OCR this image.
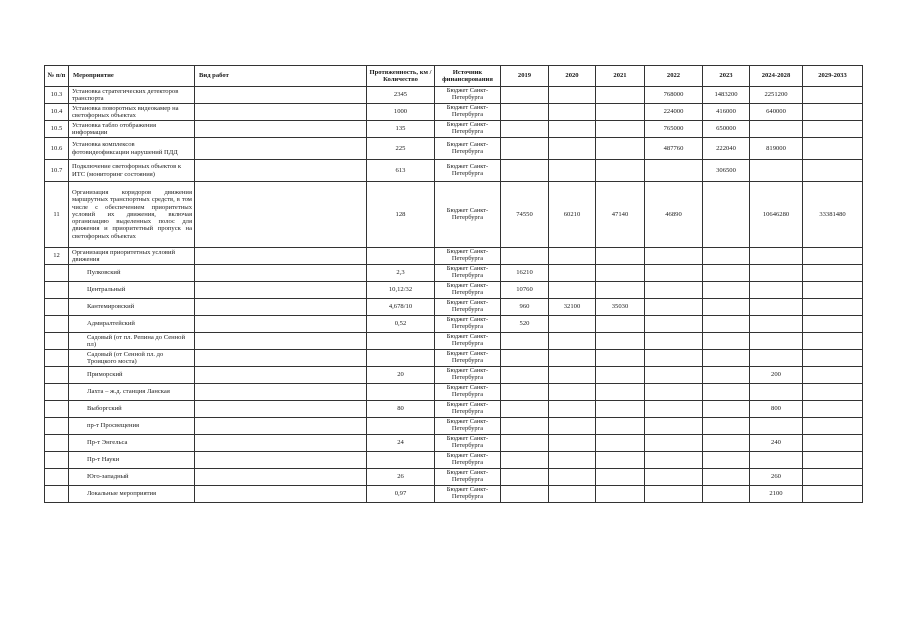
№ п/п	Мероприятие	Вид работ	Протяженность, км / Количество	Источник финансирования	2019	2020	2021	2022	2023	2024-2028	2029-2033
10.3	Установка стратегических детекторов транспорта		2345	Бюджет Санкт-Петербурга				768000	1483200	2251200	
10.4	Установка поворотных видеокамер на светофорных объектах		1000	Бюджет Санкт-Петербурга				224000	416000	640000	
10.5	Установка табло отображения информации		135	Бюджет Санкт-Петербурга				765000	650000		
10.6	Установка комплексов фотовидеофиксации нарушений ПДД		225	Бюджет Санкт-Петербурга				487760	222040	819000	
10.7	Подключение светофорных объектов к ИТС (мониторинг состояния)		613	Бюджет Санкт-Петербурга					306500		
11	Организация коридоров движения маршрутных транспортных средств, в том числе с обеспечением приоритетных условий их движения, включая организацию выделенных полос для движения и приоритетный пропуск на светофорных объектах		128	Бюджет Санкт-Петербурга	74550	60210	47140	46890		10646280	33381480
12	Организация приоритетных условий движения			Бюджет Санкт-Петербурга							
	Пулковский		2,3	Бюджет Санкт-Петербурга	16210						
	Центральный		10,12/32	Бюджет Санкт-Петербурга	10760						
	Кантемировский		4,678/10	Бюджет Санкт-Петербурга	960	32100	35030				
	Адмиралтейский		0,52	Бюджет Санкт-Петербурга	520						
	Садовый (от пл. Репина до Сенной пл)			Бюджет Санкт-Петербурга							
	Садовый (от Сенной пл. до Троицкого моста)			Бюджет Санкт-Петербурга							
	Приморский		20	Бюджет Санкт-Петербурга						200	
	Лахта – ж.д. станция Ланская			Бюджет Санкт-Петербурга							
	Выборгский		80	Бюджет Санкт-Петербурга						800	
	пр-т Просвещения			Бюджет Санкт-Петербурга							
	Пр-т Энгельса		24	Бюджет Санкт-Петербурга						240	
	Пр-т Науки			Бюджет Санкт-Петербурга							
	Юго-западный		26	Бюджет Санкт-Петербурга						260	
	Локальные мероприятия		0,97	Бюджет Санкт-Петербурга						2100	
